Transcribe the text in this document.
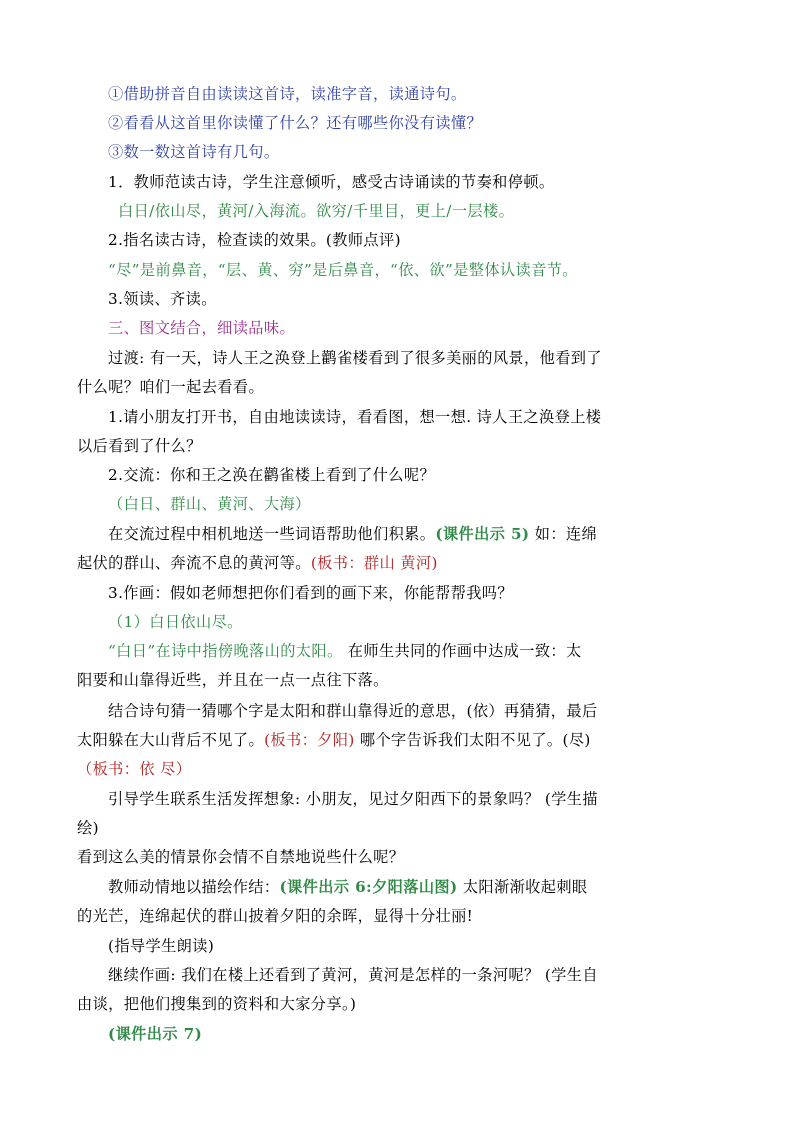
①借助拼音自由读读这首诗，读准字音，读通诗句。
②看看从这首里你读懂了什么？还有哪些你没有读懂？
③数一数这首诗有几句。
1．教师范读古诗，学生注意倾听，感受古诗诵读的节奏和停顿。
白日/依山尽，黄河/入海流。欲穷/千里目，更上/一层楼。
2.指名读古诗，检查读的效果。(教师点评)
“尽”是前鼻音，“层、黄、穷”是后鼻音，“依、欲”是整体认读音节。
3.领读、齐读。
三、图文结合，细读品味。
过渡: 有一天，诗人王之涣登上鹳雀楼看到了很多美丽的风景，他看到了
什么呢？咱们一起去看看。
1.请小朋友打开书，自由地读读诗，看看图，想一想. 诗人王之涣登上楼
以后看到了什么？
2.交流：你和王之涣在鹳雀楼上看到了什么呢？
（白日、群山、黄河、大海）
在交流过程中相机地送一些词语帮助他们积累。(课件出示 5) 如：连绵
起伏的群山、奔流不息的黄河等。(板书：群山 黄河)
3.作画：假如老师想把你们看到的画下来，你能帮帮我吗？
（1）白日依山尽。
“白日”在诗中指傍晚落山的太阳。 在师生共同的作画中达成一致：太
阳要和山靠得近些，并且在一点一点往下落。
结合诗句猜一猜哪个字是太阳和群山靠得近的意思，(依）再猜猜，最后
太阳躲在大山背后不见了。(板书：夕阳) 哪个字告诉我们太阳不见了。(尽)
（板书：依 尽）
引导学生联系生活发挥想象: 小朋友，见过夕阳西下的景象吗？ (学生描
绘)
看到这么美的情景你会情不自禁地说些什么呢？
教师动情地以描绘作结：(课件出示 6:夕阳落山图) 太阳渐渐收起刺眼
的光芒，连绵起伏的群山披着夕阳的余晖，显得十分壮丽!
(指导学生朗读)
继续作画: 我们在楼上还看到了黄河，黄河是怎样的一条河呢？ (学生自
由谈，把他们搜集到的资料和大家分享。)
(课件出示 7)
